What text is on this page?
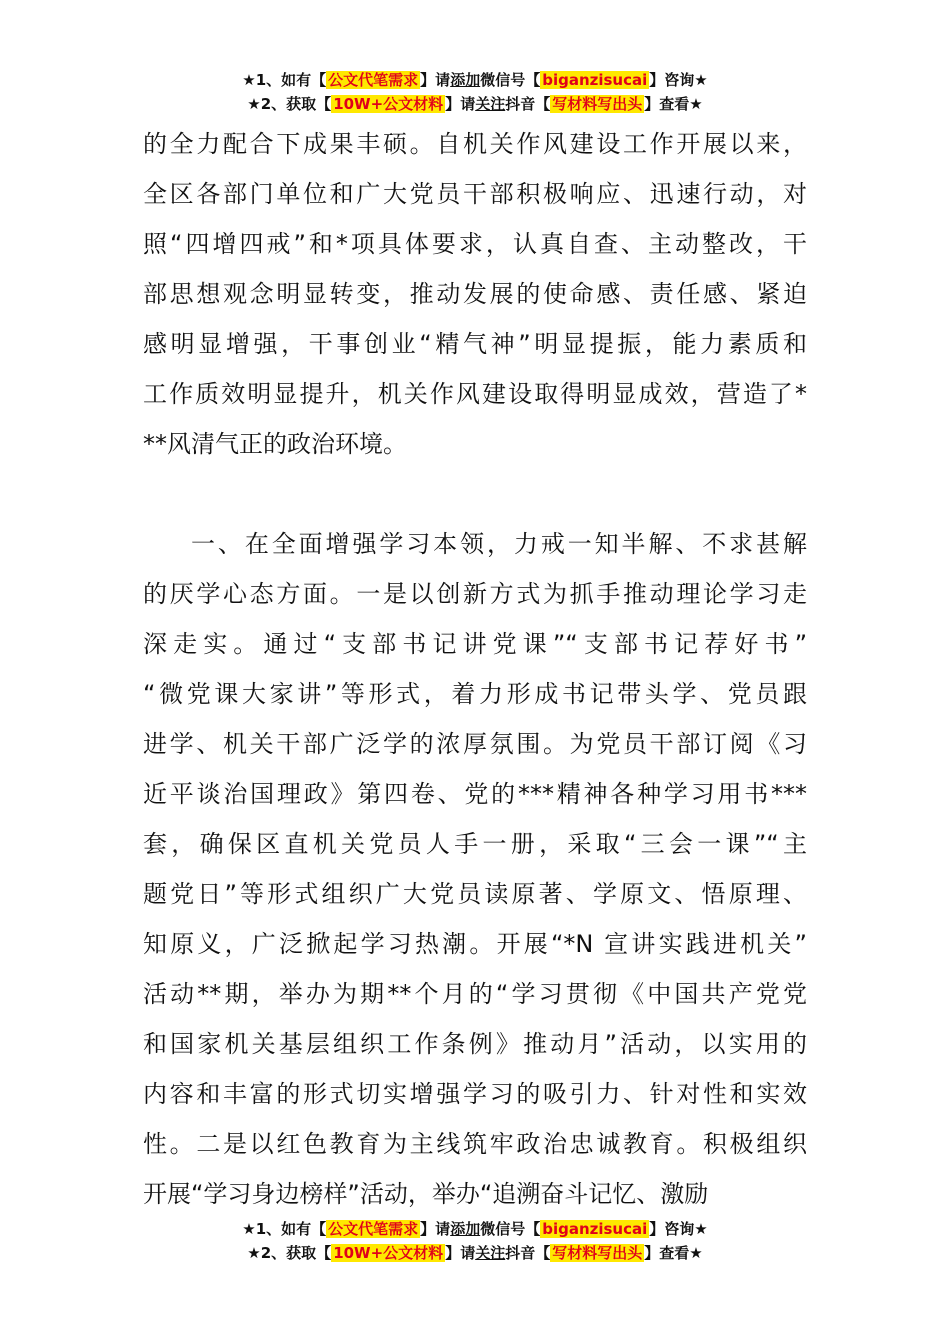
★1、如有【 公文代笔需求 】请添加微信号【 biganzisucai 】咨询★
★2、获取【 10W+公文材料 】请关注抖音【 写材料写出头 】查看★
的全力配合下成果丰硕。自机关作风建设工作开展以来，
全区各部门单位和广大党员干部积极响应、迅速行动，对
照“四增四戒”和*项具体要求，认真自查、主动整改，干
部思想观念明显转变，推动发展的使命感、责任感、紧迫
感明显增强，干事创业“精气神”明显提振，能力素质和
工作质效明显提升，机关作风建设取得明显成效，营造了*
**风清气正的政治环境。
一、在全面增强学习本领，力戒一知半解、不求甚解
的厌学心态方面。一是以创新方式为抓手推动理论学习走
深走实。通过“支部书记讲党课”“支部书记荐好书”
“微党课大家讲”等形式，着力形成书记带头学、党员跟
进学、机关干部广泛学的浓厚氛围。为党员干部订阅《习
近平谈治国理政》第四卷、党的***精神各种学习用书***
套，确保区直机关党员人手一册，采取“三会一课”“主
题党日”等形式组织广大党员读原著、学原文、悟原理、
知原义，广泛掀起学习热潮。开展“*N 宣讲实践进机关”
活动**期，举办为期**个月的“学习贯彻《中国共产党党
和国家机关基层组织工作条例》推动月”活动，以实用的
内容和丰富的形式切实增强学习的吸引力、针对性和实效
性。二是以红色教育为主线筑牢政治忠诚教育。积极组织
开展“学习身边榜样”活动，举办“追溯奋斗记忆、激励
★1、如有【 公文代笔需求 】请添加微信号【 biganzisucai 】咨询★
★2、获取【 10W+公文材料 】请关注抖音【 写材料写出头 】查看★
